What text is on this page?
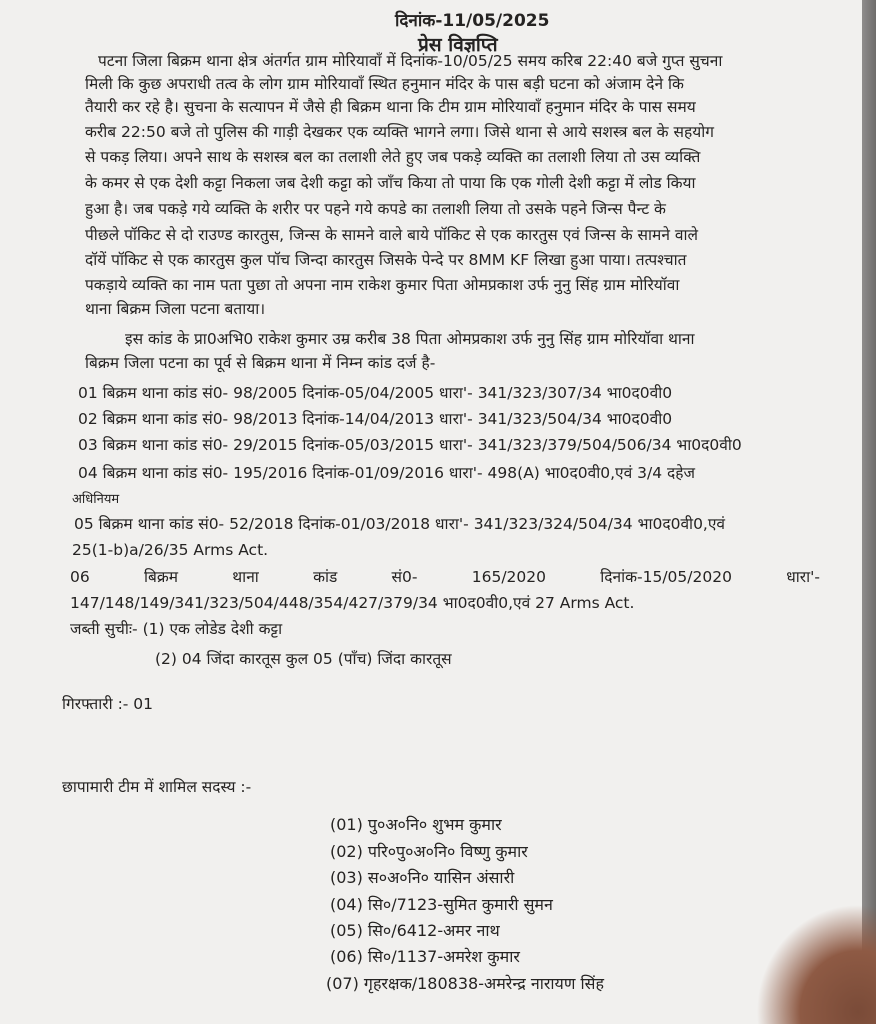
दिनांक-11/05/2025
प्रेस विज्ञप्ति
पटना जिला बिक्रम थाना क्षेत्र अंतर्गत ग्राम मोरियावाँ में दिनांक-10/05/25 समय करिब 22:40 बजे गुप्त सुचना
मिली कि कुछ अपराधी तत्व के लोग ग्राम मोरियावाँ स्थित हनुमान मंदिर के पास बड़ी घटना को अंजाम देने कि
तैयारी कर रहे है। सुचना के सत्यापन में जैसे ही बिक्रम थाना कि टीम ग्राम मोरियावाँ हनुमान मंदिर के पास समय
करीब 22:50 बजे तो पुलिस की गाड़ी देखकर एक व्यक्ति भागने लगा। जिसे थाना से आये सशस्त्र बल के सहयोग
से पकड़ लिया। अपने साथ के सशस्त्र बल का तलाशी लेते हुए जब पकड़े व्यक्ति का तलाशी लिया तो उस व्यक्ति
के कमर से एक देशी कट्टा निकला जब देशी कट्टा को जाँच किया तो पाया कि एक गोली देशी कट्टा में लोड किया
हुआ है। जब पकड़े गये व्यक्ति के शरीर पर पहने गये कपडे का तलाशी लिया तो उसके पहने जिन्स पैन्ट के
पीछले पॉकिट से दो राउण्ड कारतुस, जिन्स के सामने वाले बाये पॉकिट से एक कारतुस एवं जिन्स के सामने वाले
दॉयें पॉकिट से एक कारतुस कुल पॉच जिन्दा कारतुस जिसके पेन्दे पर 8MM KF लिखा हुआ पाया। तत्पश्चात
पकड़ाये व्यक्ति का नाम पता पुछा तो अपना नाम राकेश कुमार पिता ओमप्रकाश उर्फ नुनु सिंह ग्राम मोरियॉवा
थाना बिक्रम जिला पटना बताया।
इस कांड के प्रा0अभि0 राकेश कुमार उम्र करीब 38 पिता ओमप्रकाश उर्फ नुनु सिंह ग्राम मोरियॉवा थाना
बिक्रम जिला पटना का पूर्व से बिक्रम थाना में निम्न कांड दर्ज है-
01 बिक्रम थाना कांड सं0- 98/2005 दिनांक-05/04/2005 धारा'- 341/323/307/34 भा0द0वी0
02 बिक्रम थाना कांड सं0- 98/2013 दिनांक-14/04/2013 धारा'- 341/323/504/34 भा0द0वी0
03 बिक्रम थाना कांड सं0- 29/2015 दिनांक-05/03/2015 धारा'- 341/323/379/504/506/34 भा0द0वी0
04 बिक्रम थाना कांड सं0- 195/2016 दिनांक-01/09/2016 धारा'- 498(A) भा0द0वी0,एवं 3/4 दहेज
अधिनियम
05 बिक्रम थाना कांड सं0- 52/2018 दिनांक-01/03/2018 धारा'- 341/323/324/504/34 भा0द0वी0,एवं
25(1-b)a/26/35 Arms Act.
06	बिक्रम	थाना	कांड	सं0-	165/2020	दिनांक-15/05/2020	धारा'-
147/148/149/341/323/504/448/354/427/379/34 भा0द0वी0,एवं 27 Arms Act.
जब्ती सुचीः- (1) एक लोडेड देशी कट्टा
(2) 04 जिंदा कारतूस कुल 05 (पाँच) जिंदा कारतूस
गिरफ्तारी :- 01
छापामारी टीम में शामिल सदस्य :-
(01) पु०अ०नि० शुभम कुमार
(02) परि०पु०अ०नि० विष्णु कुमार
(03) स०अ०नि० यासिन अंसारी
(04) सि०/7123-सुमित कुमारी सुमन
(05) सि०/6412-अमर नाथ
(06) सि०/1137-अमरेश कुमार
(07) गृहरक्षक/180838-अमरेन्द्र नारायण सिंह
